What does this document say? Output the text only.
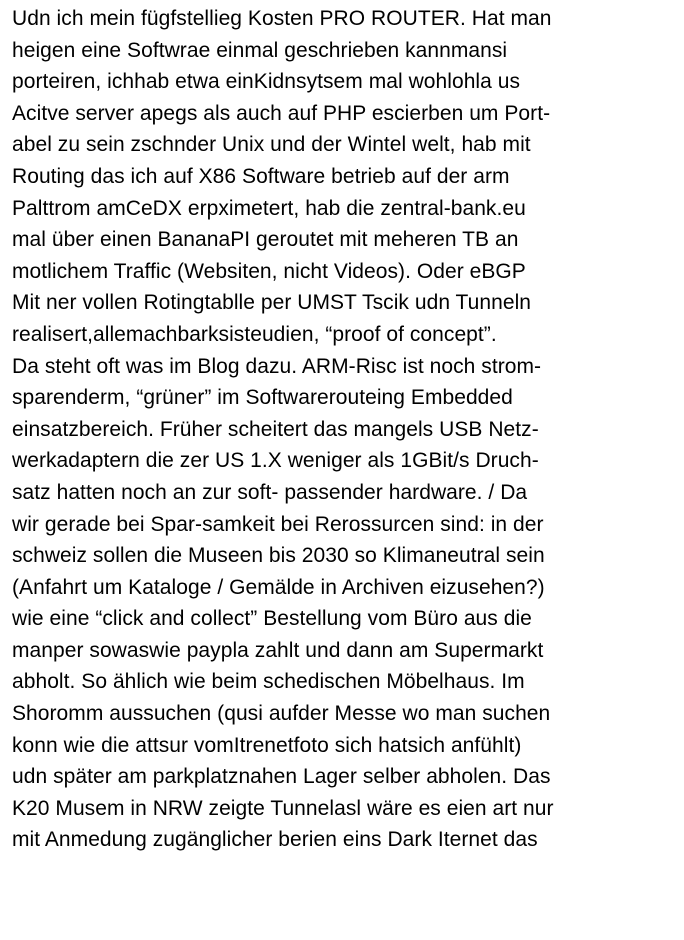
Udn ich mein fügfstellieg Kosten PRO ROUTER. Hat man
heigen eine Softwrae einmal geschrieben kannmansi
porteiren, ichhab etwa einKidnsytsem mal wohlohla us
Acitve server apegs als auch auf PHP escierben um Port-
abel zu sein zschnder Unix und der Wintel welt, hab mit
Routing das ich auf X86 Software betrieb auf der arm
Palttrom amCeDX erpximetert, hab die zentral-bank.eu
mal über einen BananaPI geroutet mit meheren TB an
motlichem Traffic (Websiten, nicht Videos). Oder eBGP
Mit ner vollen Rotingtablle per UMST Tscik udn Tunneln
realisert,allemachbarksisteudien, “proof of concept”.
Da steht oft was im Blog dazu. ARM-Risc ist noch strom-
sparenderm, “grüner” im Softwarerouteing Embedded
einsatzbereich. Früher scheitert das mangels USB Netz-
werkadaptern die zer US 1.X weniger als 1GBit/s Druch-
satz hatten noch an zur soft- passender hardware. / Da
wir gerade bei Spar-samkeit bei Rerossurcen sind: in der
schweiz sollen die Museen bis 2030 so Klimaneutral sein
(Anfahrt um Kataloge / Gemälde in Archiven eizusehen?)
wie eine “click and collect” Bestellung vom Büro aus die
manper sowaswie paypla zahlt und dann am Supermarkt
abholt. So ählich wie beim schedischen Möbelhaus. Im
Shoromm aussuchen (qusi aufder Messe wo man suchen
konn wie die attsur vomItrenetfoto sich hatsich anfühlt)
udn später am parkplatznahen Lager selber abholen. Das
K20 Musem in NRW zeigte Tunnelasl wäre es eien art nur
mit Anmedung zugänglicher berien eins Dark Iternet das
